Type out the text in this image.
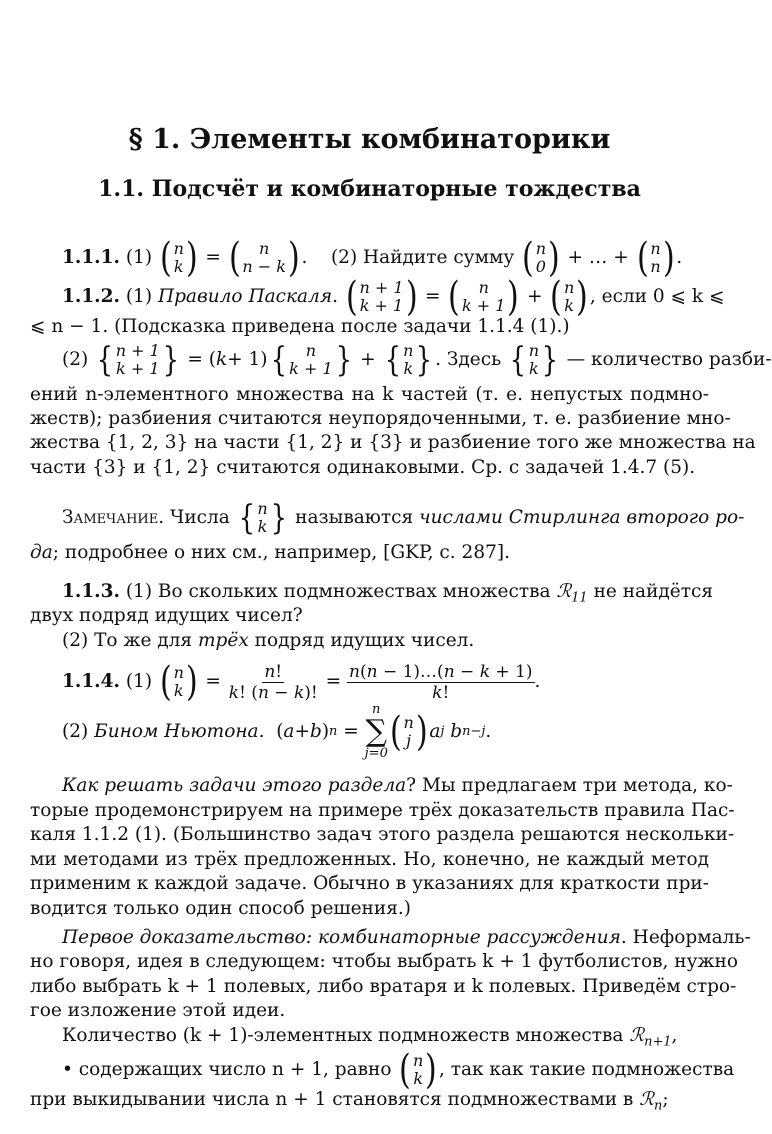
§ 1. Элементы комбинаторики
1.1. Подсчёт и комбинаторные тождества
1.1.1.
(1)
( n
k ) = ( n
n − k ) . (2) Найдите сумму
( n
0 )
+ … +
( n
n ) .
1.1.2.
(1)
Правило Паскаля . ( n + 1
k + 1 ) = ( n
k + 1 ) + ( n
k ) , если 0 ⩽ k ⩽
⩽ n − 1. (Подсказка приведена после задачи 1.1.4 (1).)
(2)
{ n + 1
k + 1 } = ( k + 1) { n
k + 1 } + { n
k } . Здесь
{ n
k }
— количество разби-
ений n-элементного множества на k частей (т. е. непустых подмно-
жеств); разбиения считаются неупорядоченными, т. е. разбиение мно-
жества {1, 2, 3} на части {1, 2} и {3} и разбиение того же множества на
части {3} и {1, 2} считаются одинаковыми. Ср. с задачей 1.4.7 (5).
Замечание.
Числа
{ n
k }
называются
числами Стирлинга второго ро-
да; подробнее о них см., например, [GKP, с. 287].
1.1.3. (1) Во скольких подмножествах множества ℛ$_{11}$ не найдётся
двух подряд идущих чисел?
(2) То же для трёх подряд идущих чисел.
1.1.4.
(1)
( n
k ) = $\frac{n!}{k! (n - k)!} = \frac{n(n - 1)\dots(n - k + 1)}{k!}$ .
(2)
Бином Ньютона .  ( a + b ) n =
n
∑
j=0 ( n
j ) a j b n−j .
Как решать задачи этого раздела? Мы предлагаем три метода, ко-
торые продемонстрируем на примере трёх доказательств правила Пас-
каля 1.1.2 (1). (Большинство задач этого раздела решаются нескольки-
ми методами из трёх предложенных. Но, конечно, не каждый метод
применим к каждой задаче. Обычно в указаниях для краткости при-
водится только один способ решения.)
Первое доказательство: комбинаторные рассуждения. Неформаль-
но говоря, идея в следующем: чтобы выбрать k + 1 футболистов, нужно
либо выбрать k + 1 полевых, либо вратаря и k полевых. Приведём стро-
гое изложение этой идеи.
Количество (k + 1)-элементных подмножеств множества ℛ$_{n+1}$,
• содержащих число n + 1, равно
( n
k ) , так как такие подмножества
при выкидывании числа n + 1 становятся подмножествами в ℛ$_n$;
